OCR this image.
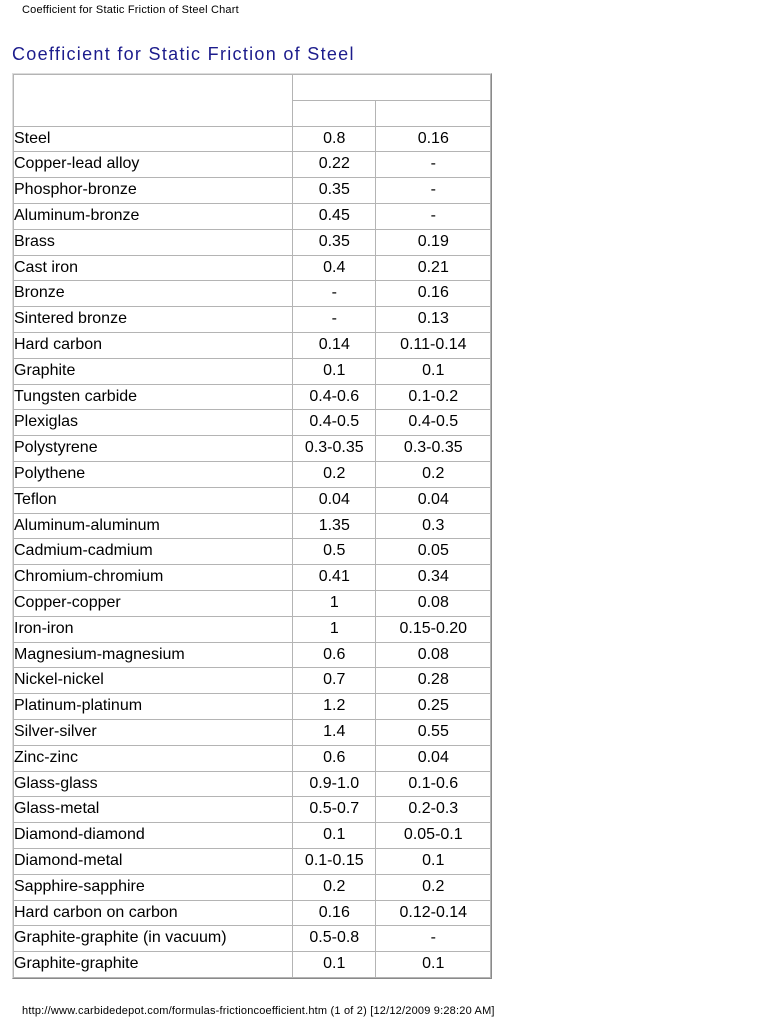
Coefficient for Static Friction of Steel Chart
Coefficient for Static Friction of Steel
Materials and Material Combinations	Coefficient of Friction	
	Clean	Lubricated
Steel	0.8	0.16
Copper-lead alloy	0.22	-
Phosphor-bronze	0.35	-
Aluminum-bronze	0.45	-
Brass	0.35	0.19
Cast iron	0.4	0.21
Bronze	-	0.16
Sintered bronze	-	0.13
Hard carbon	0.14	0.11-0.14
Graphite	0.1	0.1
Tungsten carbide	0.4-0.6	0.1-0.2
Plexiglas	0.4-0.5	0.4-0.5
Polystyrene	0.3-0.35	0.3-0.35
Polythene	0.2	0.2
Teflon	0.04	0.04
Aluminum-aluminum	1.35	0.3
Cadmium-cadmium	0.5	0.05
Chromium-chromium	0.41	0.34
Copper-copper	1	0.08
Iron-iron	1	0.15-0.20
Magnesium-magnesium	0.6	0.08
Nickel-nickel	0.7	0.28
Platinum-platinum	1.2	0.25
Silver-silver	1.4	0.55
Zinc-zinc	0.6	0.04
Glass-glass	0.9-1.0	0.1-0.6
Glass-metal	0.5-0.7	0.2-0.3
Diamond-diamond	0.1	0.05-0.1
Diamond-metal	0.1-0.15	0.1
Sapphire-sapphire	0.2	0.2
Hard carbon on carbon	0.16	0.12-0.14
Graphite-graphite (in vacuum)	0.5-0.8	-
Graphite-graphite	0.1	0.1
http://www.carbidedepot.com/formulas-frictioncoefficient.htm (1 of 2) [12/12/2009 9:28:20 AM]
